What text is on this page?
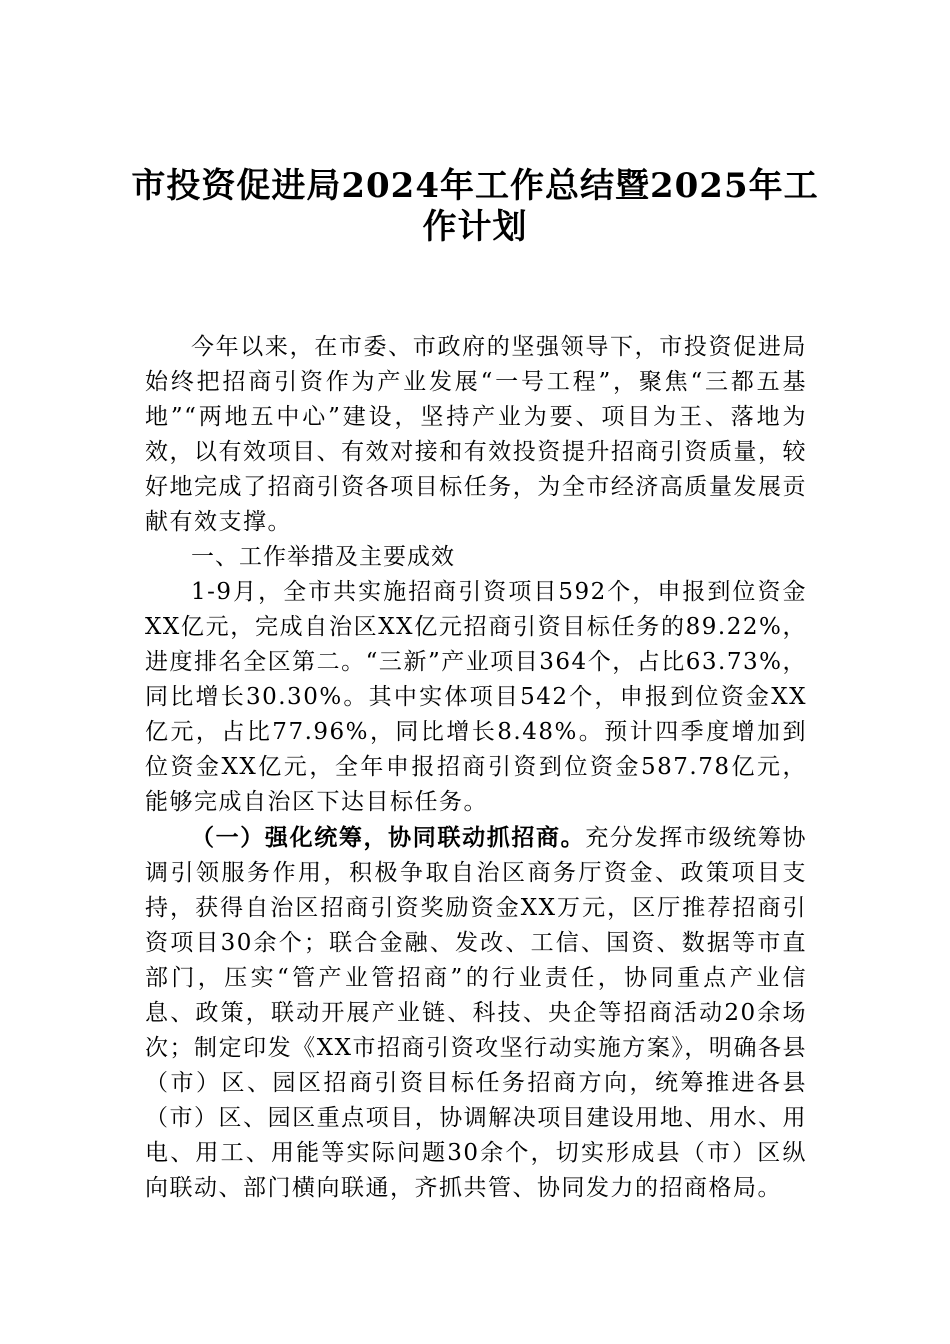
市投资促进局2024年工作总结暨2025年工
作计划

今年以来，在市委、市政府的坚强领导下，市投资促进局始终把招商引资作为产业发展“一号工程”，聚焦“三都五基地”“两地五中心”建设，坚持产业为要、项目为王、落地为效，以有效项目、有效对接和有效投资提升招商引资质量，较好地完成了招商引资各项目标任务，为全市经济高质量发展贡献有效支撑。

一、工作举措及主要成效

1-9月，全市共实施招商引资项目592个，申报到位资金XX亿元，完成自治区XX亿元招商引资目标任务的89.22%，进度排名全区第二。“三新”产业项目364个，占比63.73%，同比增长30.30%。其中实体项目542个，申报到位资金XX亿元，占比77.96%，同比增长8.48%。预计四季度增加到位资金XX亿元，全年申报招商引资到位资金587.78亿元，能够完成自治区下达目标任务。

（一）强化统筹，协同联动抓招商。充分发挥市级统筹协调引领服务作用，积极争取自治区商务厅资金、政策项目支持，获得自治区招商引资奖励资金XX万元，区厅推荐招商引资项目30余个；联合金融、发改、工信、国资、数据等市直部门，压实“管产业管招商”的行业责任，协同重点产业信息、政策，联动开展产业链、科技、央企等招商活动20余场次；制定印发《XX市招商引资攻坚行动实施方案》，明确各县（市）区、园区招商引资目标任务招商方向，统筹推进各县（市）区、园区重点项目，协调解决项目建设用地、用水、用电、用工、用能等实际问题30余个，切实形成县（市）区纵向联动、部门横向联通，齐抓共管、协同发力的招商格局。
